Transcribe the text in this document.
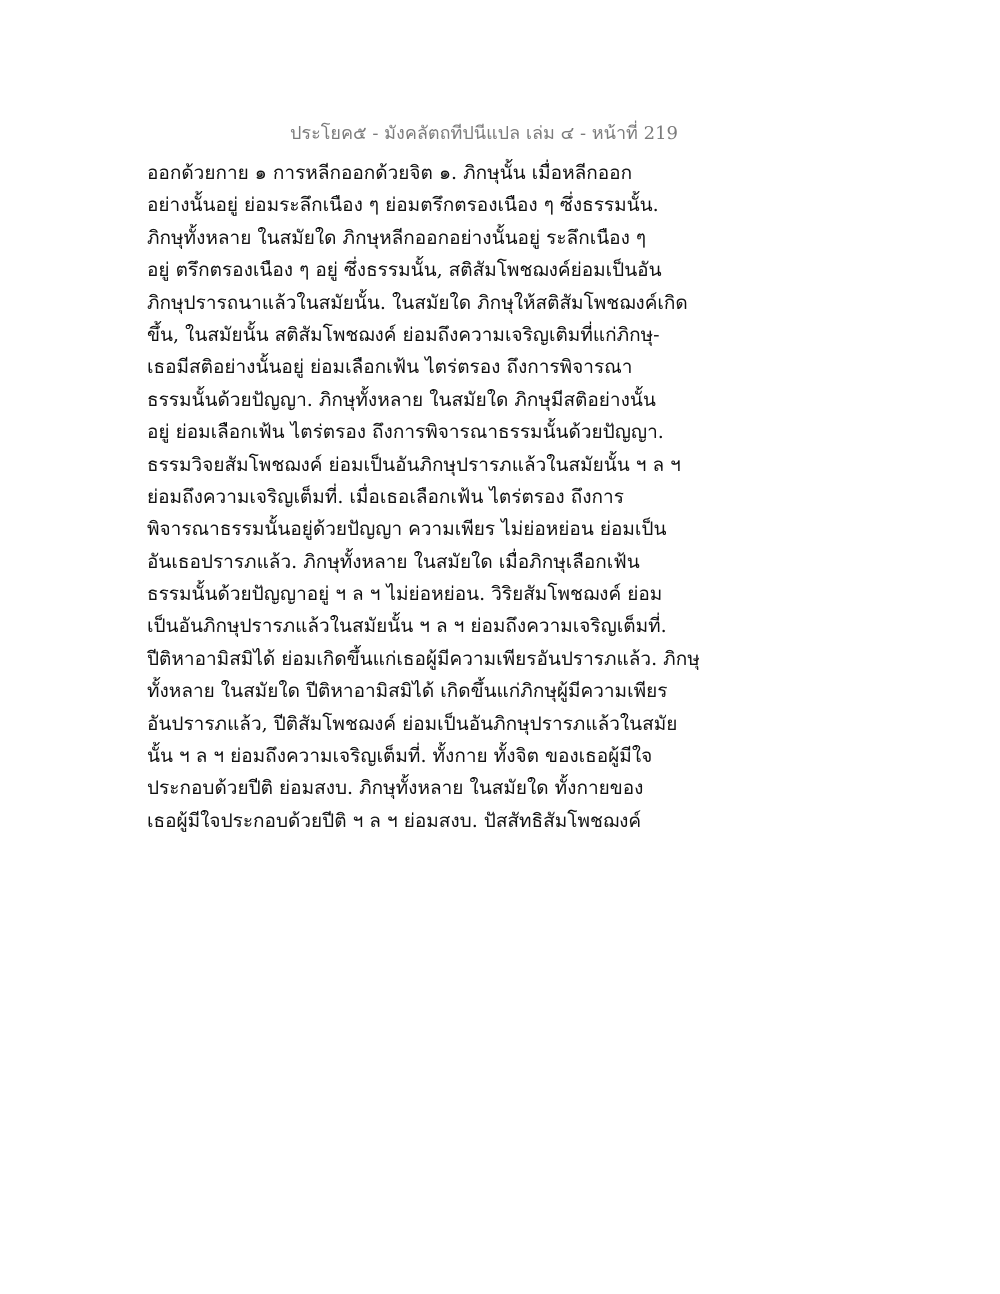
ประโยค๕ - มังคลัตถทีปนีแปล เล่ม ๔ - หน้าที่ 219
ออกด้วยกาย ๑ การหลีกออกด้วยจิต ๑. ภิกษุนั้น เมื่อหลีกออก
อย่างนั้นอยู่ ย่อมระลึกเนือง ๆ ย่อมตรึกตรองเนือง ๆ ซึ่งธรรมนั้น.
ภิกษุทั้งหลาย ในสมัยใด ภิกษุหลีกออกอย่างนั้นอยู่ ระลึกเนือง ๆ
อยู่ ตรึกตรองเนือง ๆ อยู่ ซึ่งธรรมนั้น, สติสัมโพชฌงค์ย่อมเป็นอัน
ภิกษุปรารถนาแล้วในสมัยนั้น. ในสมัยใด ภิกษุให้สติสัมโพชฌงค์เกิด
ขึ้น, ในสมัยนั้น สติสัมโพชฌงค์ ย่อมถึงความเจริญเติมที่แก่ภิกษุ-
เธอมีสติอย่างนั้นอยู่ ย่อมเลือกเฟ้น ไตร่ตรอง ถึงการพิจารณา
ธรรมนั้นด้วยปัญญา. ภิกษุทั้งหลาย ในสมัยใด ภิกษุมีสติอย่างนั้น
อยู่ ย่อมเลือกเฟ้น ไตร่ตรอง ถึงการพิจารณาธรรมนั้นด้วยปัญญา.
ธรรมวิจยสัมโพชฌงค์ ย่อมเป็นอันภิกษุปรารภแล้วในสมัยนั้น ฯ ล ฯ
ย่อมถึงความเจริญเต็มที่. เมื่อเธอเลือกเฟ้น ไตร่ตรอง ถึงการ
พิจารณาธรรมนั้นอยู่ด้วยปัญญา ความเพียร ไม่ย่อหย่อน ย่อมเป็น
อันเธอปรารภแล้ว. ภิกษุทั้งหลาย ในสมัยใด เมื่อภิกษุเลือกเฟ้น
ธรรมนั้นด้วยปัญญาอยู่ ฯ ล ฯ ไม่ย่อหย่อน. วิริยสัมโพชฌงค์ ย่อม
เป็นอันภิกษุปรารภแล้วในสมัยนั้น ฯ ล ฯ ย่อมถึงความเจริญเต็มที่.
ปีติหาอามิสมิได้ ย่อมเกิดขึ้นแก่เธอผู้มีความเพียรอันปรารภแล้ว. ภิกษุ
ทั้งหลาย ในสมัยใด ปีติหาอามิสมิได้ เกิดขึ้นแก่ภิกษุผู้มีความเพียร
อันปรารภแล้ว, ปีติสัมโพชฌงค์ ย่อมเป็นอันภิกษุปรารภแล้วในสมัย
นั้น ฯ ล ฯ ย่อมถึงความเจริญเต็มที่. ทั้งกาย ทั้งจิต ของเธอผู้มีใจ
ประกอบด้วยปีติ ย่อมสงบ. ภิกษุทั้งหลาย ในสมัยใด ทั้งกายของ
เธอผู้มีใจประกอบด้วยปีติ ฯ ล ฯ ย่อมสงบ. ปัสสัทธิสัมโพชฌงค์
